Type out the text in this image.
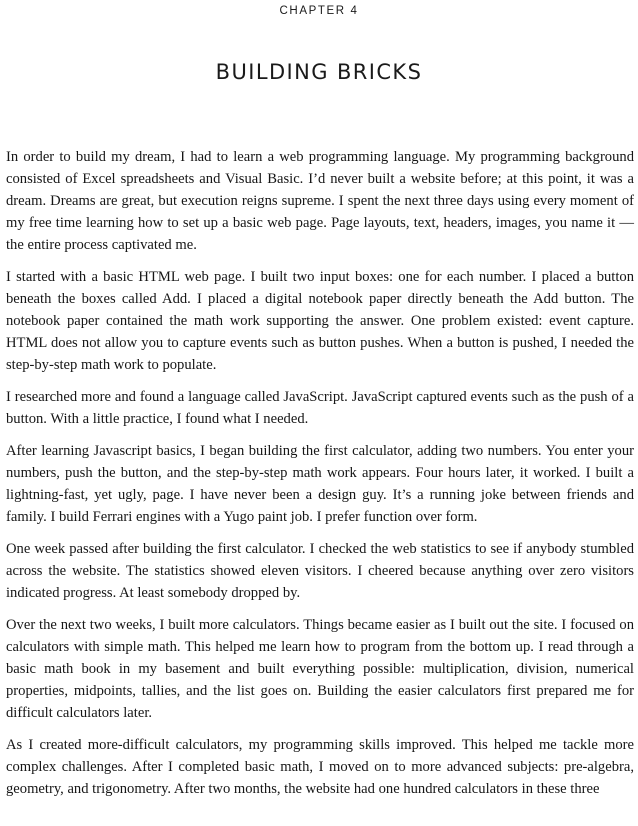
CHAPTER 4
BUILDING BRICKS

In order to build my dream, I had to learn a web programming language. My programming background consisted of Excel spreadsheets and Visual Basic. I’d never built a website before; at this point, it was a dream. Dreams are great, but execution reigns supreme. I spent the next three days using every moment of my free time learning how to set up a basic web page. Page layouts, text, headers, images, you name it —the entire process captivated me.

I started with a basic HTML web page. I built two input boxes: one for each number. I placed a button beneath the boxes called Add. I placed a digital notebook paper directly beneath the Add button. The notebook paper contained the math work supporting the answer. One problem existed: event capture. HTML does not allow you to capture events such as button pushes. When a button is pushed, I needed the step-by-step math work to populate.

I researched more and found a language called JavaScript. JavaScript captured events such as the push of a button. With a little practice, I found what I needed.

After learning Javascript basics, I began building the first calculator, adding two numbers. You enter your numbers, push the button, and the step-by-step math work appears. Four hours later, it worked. I built a lightning-fast, yet ugly, page. I have never been a design guy. It’s a running joke between friends and family. I build Ferrari engines with a Yugo paint job. I prefer function over form.

One week passed after building the first calculator. I checked the web statistics to see if anybody stumbled across the website. The statistics showed eleven visitors. I cheered because anything over zero visitors indicated progress. At least somebody dropped by.

Over the next two weeks, I built more calculators. Things became easier as I built out the site. I focused on calculators with simple math. This helped me learn how to program from the bottom up. I read through a basic math book in my basement and built everything possible: multiplication, division, numerical properties, midpoints, tallies, and the list goes on. Building the easier calculators first prepared me for difficult calculators later.

As I created more-difficult calculators, my programming skills improved. This helped me tackle more complex challenges. After I completed basic math, I moved on to more advanced subjects: pre-algebra, geometry, and trigonometry. After two months, the website had one hundred calculators in these three
